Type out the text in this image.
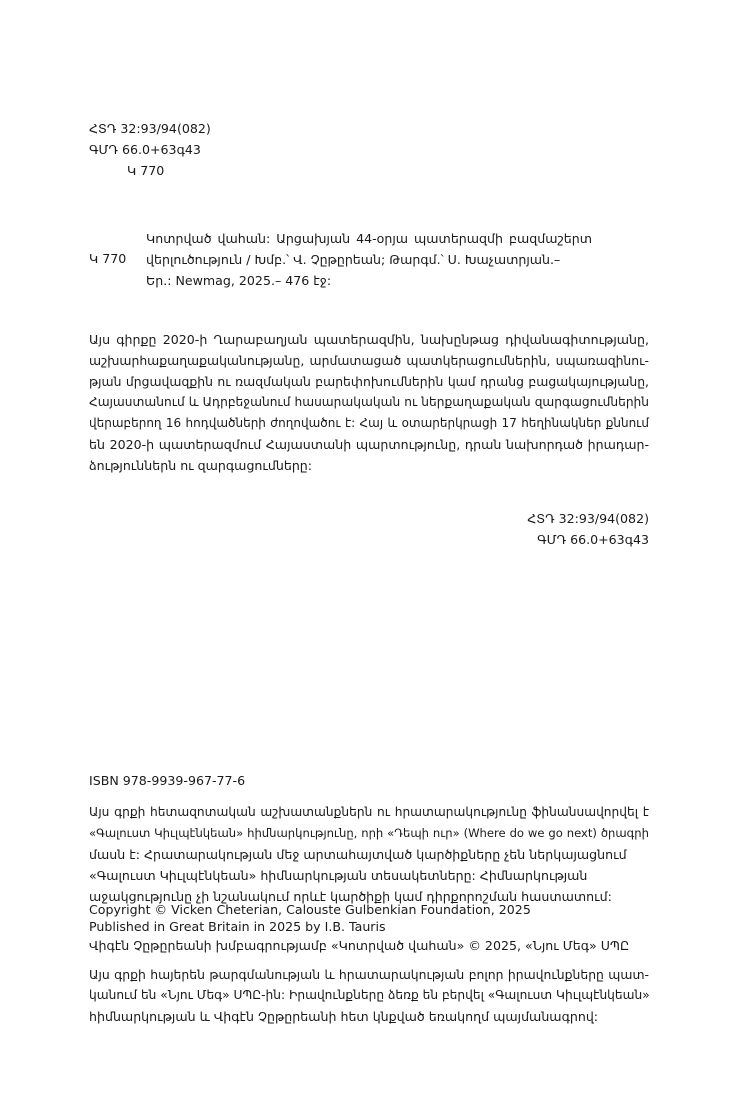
ՀՏԴ 32:93/94(082)
ԳՄԴ 66.0+63գ43
Կ 770
Կ 770
Կոտրված վահան: Արցախյան 44-օրյա պատերազմի բազմաշերտ
վերլուծություն / Խմբ.՝ Վ. Չըթըրեան; Թարգմ.՝ Ս. Խաչատրյան.–
Եր.: Newmag, 2025.– 476 էջ:
Այս գիրքը 2020-ի Ղարաբաղյան պատերազմին, նախընթաց դիվանագիտությանը,
աշխարհաքաղաքականությանը, արմատացած պատկերացումներին, սպառազինու-
թյան մրցավազքին ու ռազմական բարեփոխումներին կամ դրանց բացակայությանը,
Հայաստանում և Ադրբեջանում հասարակական ու ներքաղաքական զարգացումներին
վերաբերող 16 հոդվածների ժողովածու է: Հայ և օտարերկրացի 17 հեղինակներ քննում
են 2020-ի պատերազմում Հայաստանի պարտությունը, դրան նախորդած իրադար-
ձություններն ու զարգացումները:
ՀՏԴ 32:93/94(082)
ԳՄԴ 66.0+63գ43
ISBN 978-9939-967-77-6
Այս գրքի հետազոտական աշխատանքներն ու հրատարակությունը ֆինանսավորվել է
«Գալուստ Կիւլպէնկեան» հիմնարկությունը, որի «Դեպի ուր» (Where do we go next) ծրագրի
մասն է: Հրատարակության մեջ արտահայտված կարծիքները չեն ներկայացնում
«Գալուստ Կիւլպէնկեան» հիմնարկության տեսակետները: Հիմնարկության
աջակցությունը չի նշանակում որևէ կարծիքի կամ դիրքորոշման հաստատում:
Copyright © Vicken Cheterian, Calouste Gulbenkian Foundation, 2025
Published in Great Britain in 2025 by I.B. Tauris
Վիգէն Չըթըրեանի խմբագրությամբ «Կոտրված վահան» © 2025, «Նյու Մեգ» ՍՊԸ
Այս գրքի հայերեն թարգմանության և հրատարակության բոլոր իրավունքները պատ-
կանում են «Նյու Մեգ» ՍՊԸ-ին: Իրավունքները ձեռք են բերվել «Գալուստ Կիւլպէնկեան»
հիմնարկության և Վիգէն Չըթըրեանի հետ կնքված եռակողմ պայմանագրով:
